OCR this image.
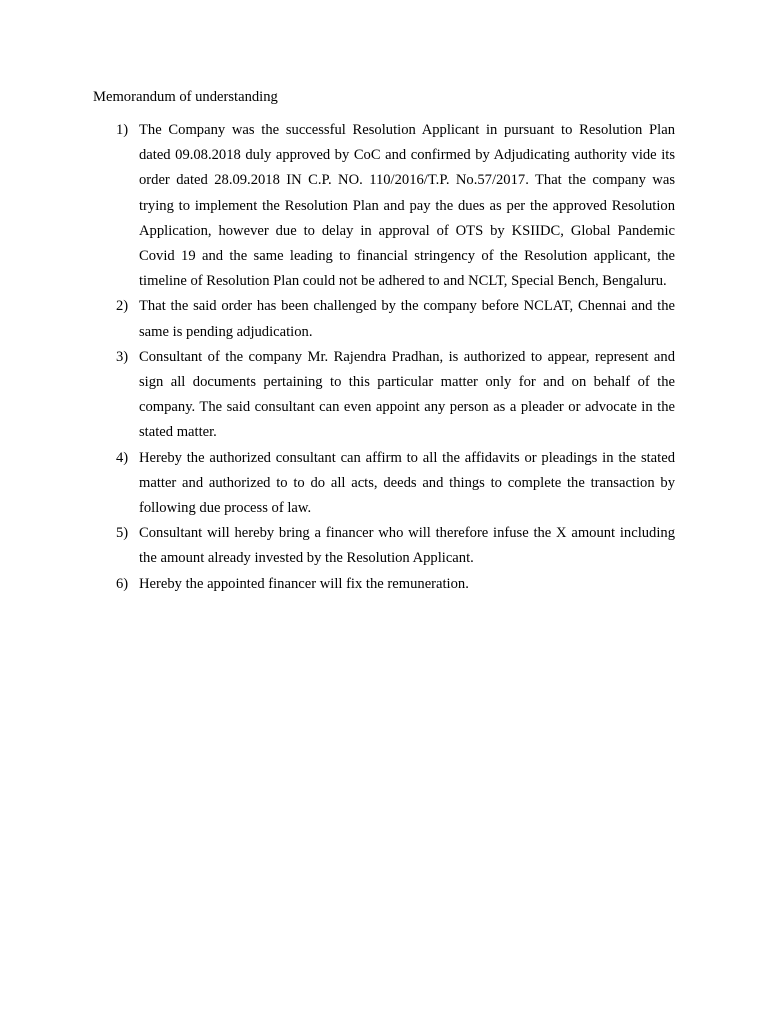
Memorandum of understanding
1) The Company was the successful Resolution Applicant in pursuant to Resolution Plan dated 09.08.2018 duly approved by CoC and confirmed by Adjudicating authority vide its order dated 28.09.2018 IN C.P. NO. 110/2016/T.P. No.57/2017. That the company was trying to implement the Resolution Plan and pay the dues as per the approved Resolution Application, however due to delay in approval of OTS by KSIIDC, Global Pandemic Covid 19 and the same leading to financial stringency of the Resolution applicant, the timeline of Resolution Plan could not be adhered to and NCLT, Special Bench, Bengaluru.
2) That the said order has been challenged by the company before NCLAT, Chennai and the same is pending adjudication.
3) Consultant of the company Mr. Rajendra Pradhan, is authorized to appear, represent and sign all documents pertaining to this particular matter only for and on behalf of the company. The said consultant can even appoint any person as a pleader or advocate in the stated matter.
4) Hereby the authorized consultant can affirm to all the affidavits or pleadings in the stated matter and authorized to to do all acts, deeds and things to complete the transaction by following due process of law.
5) Consultant will hereby bring a financer who will therefore infuse the X amount including the amount already invested by the Resolution Applicant.
6) Hereby the appointed financer will fix the remuneration.
